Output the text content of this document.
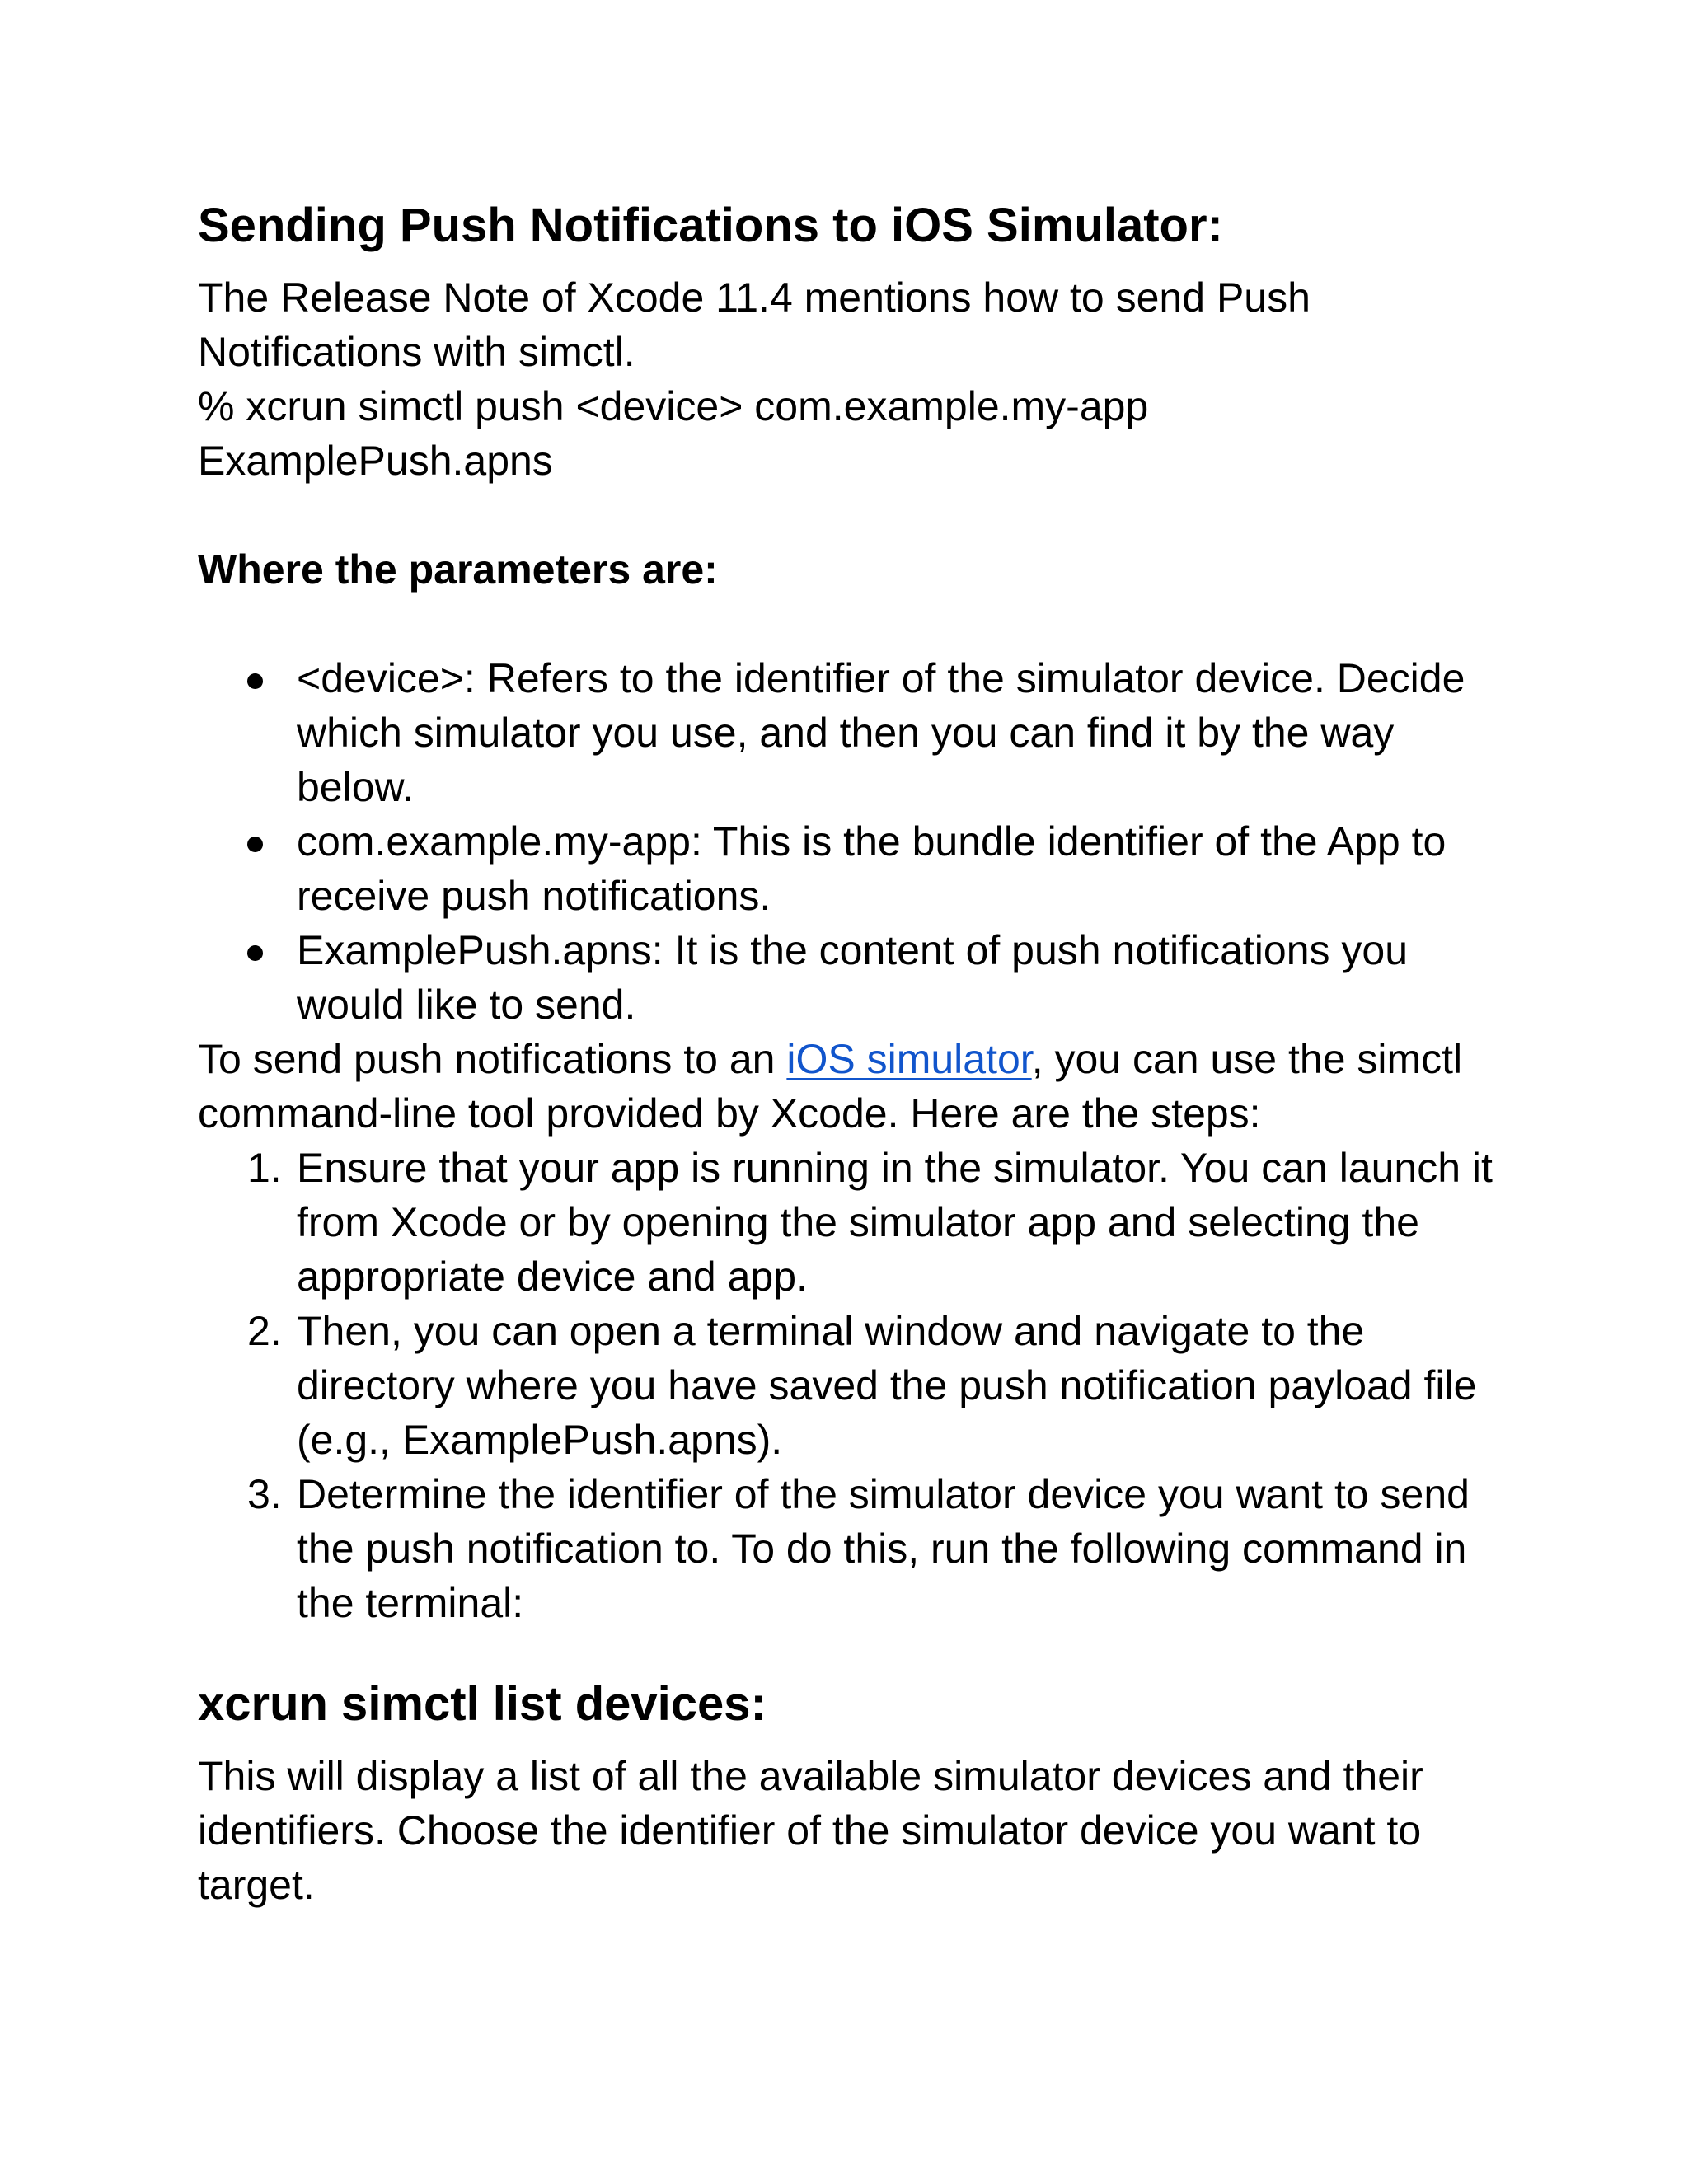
Sending Push Notifications to iOS Simulator:
The Release Note of Xcode 11.4 mentions how to send Push
Notifications with simctl.
% xcrun simctl push <device> com.example.my-app
ExamplePush.apns
Where the parameters are:
<device>: Refers to the identifier of the simulator device. Decide which simulator you use, and then you can find it by the way below.
com.example.my-app: This is the bundle identifier of the App to receive push notifications.
ExamplePush.apns: It is the content of push notifications you would like to send.
To send push notifications to an iOS simulator, you can use the simctl
command-line tool provided by Xcode. Here are the steps:
1. Ensure that your app is running in the simulator. You can launch it from Xcode or by opening the simulator app and selecting the appropriate device and app.
2. Then, you can open a terminal window and navigate to the directory where you have saved the push notification payload file (e.g., ExamplePush.apns).
3. Determine the identifier of the simulator device you want to send the push notification to. To do this, run the following command in the terminal:
xcrun simctl list devices:
This will display a list of all the available simulator devices and their identifiers. Choose the identifier of the simulator device you want to target.
